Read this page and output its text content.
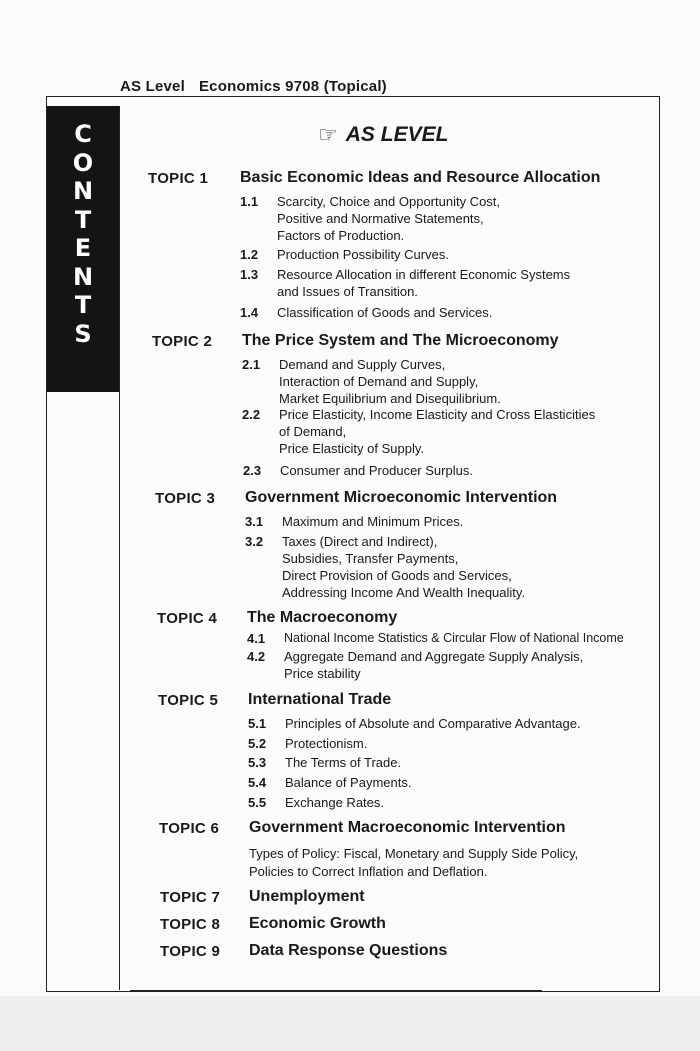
AS Level Economics 9708 (Topical)
C
O
N
T
E
N
T
S
☞ AS LEVEL
TOPIC 1 Basic Economic Ideas and Resource Allocation
1.1 Scarcity, Choice and Opportunity Cost,
Positive and Normative Statements,
Factors of Production.
1.2 Production Possibility Curves.
1.3 Resource Allocation in different Economic Systems
and Issues of Transition.
1.4 Classification of Goods and Services.
TOPIC 2 The Price System and The Microeconomy
2.1 Demand and Supply Curves,
Interaction of Demand and Supply,
Market Equilibrium and Disequilibrium.
2.2 Price Elasticity, Income Elasticity and Cross Elasticities
of Demand,
Price Elasticity of Supply.
2.3 Consumer and Producer Surplus.
TOPIC 3 Government Microeconomic Intervention
3.1 Maximum and Minimum Prices.
3.2 Taxes (Direct and Indirect),
Subsidies, Transfer Payments,
Direct Provision of Goods and Services,
Addressing Income And Wealth Inequality.
TOPIC 4 The Macroeconomy
4.1 National Income Statistics & Circular Flow of National Income
4.2 Aggregate Demand and Aggregate Supply Analysis,
Price stability
TOPIC 5 International Trade
5.1 Principles of Absolute and Comparative Advantage.
5.2 Protectionism.
5.3 The Terms of Trade.
5.4 Balance of Payments.
5.5 Exchange Rates.
TOPIC 6 Government Macroeconomic Intervention
Types of Policy: Fiscal, Monetary and Supply Side Policy,
Policies to Correct Inflation and Deflation.
TOPIC 7 Unemployment
TOPIC 8 Economic Growth
TOPIC 9 Data Response Questions
